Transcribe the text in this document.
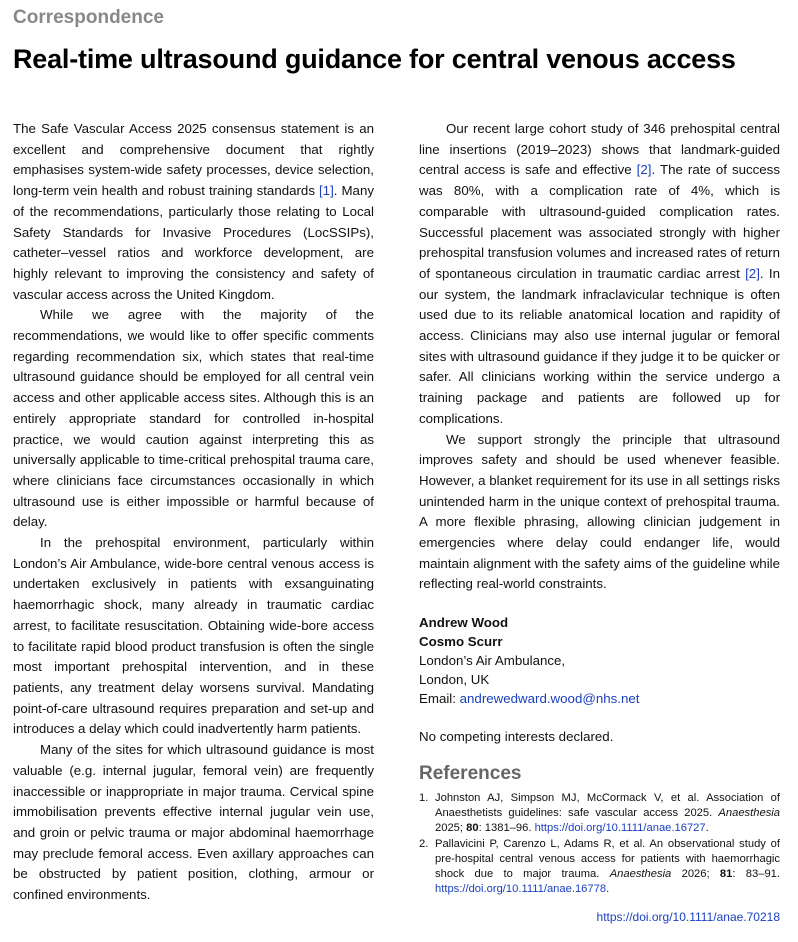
Correspondence
Real-time ultrasound guidance for central venous access

The Safe Vascular Access 2025 consensus statement is an excellent and comprehensive document that rightly emphasises system-wide safety processes, device selection, long-term vein health and robust training standards [1]. Many of the recommendations, particularly those relating to Local Safety Standards for Invasive Procedures (LocSSIPs), catheter–vessel ratios and workforce development, are highly relevant to improving the consistency and safety of vascular access across the United Kingdom.

While we agree with the majority of the recommendations, we would like to offer specific comments regarding recommendation six, which states that real-time ultrasound guidance should be employed for all central vein access and other applicable access sites. Although this is an entirely appropriate standard for controlled in-hospital practice, we would caution against interpreting this as universally applicable to time-critical prehospital trauma care, where clinicians face circumstances occasionally in which ultrasound use is either impossible or harmful because of delay.

In the prehospital environment, particularly within London’s Air Ambulance, wide-bore central venous access is undertaken exclusively in patients with exsanguinating haemorrhagic shock, many already in traumatic cardiac arrest, to facilitate resuscitation. Obtaining wide-bore access to facilitate rapid blood product transfusion is often the single most important prehospital intervention, and in these patients, any treatment delay worsens survival. Mandating point-of-care ultrasound requires preparation and set-up and introduces a delay which could inadvertently harm patients.

Many of the sites for which ultrasound guidance is most valuable (e.g. internal jugular, femoral vein) are frequently inaccessible or inappropriate in major trauma. Cervical spine immobilisation prevents effective internal jugular vein use, and groin or pelvic trauma or major abdominal haemorrhage may preclude femoral access. Even axillary approaches can be obstructed by patient position, clothing, armour or confined environments.

Our recent large cohort study of 346 prehospital central line insertions (2019–2023) shows that landmark-guided central access is safe and effective [2]. The rate of success was 80%, with a complication rate of 4%, which is comparable with ultrasound-guided complication rates. Successful placement was associated strongly with higher prehospital transfusion volumes and increased rates of return of spontaneous circulation in traumatic cardiac arrest [2]. In our system, the landmark infraclavicular technique is often used due to its reliable anatomical location and rapidity of access. Clinicians may also use internal jugular or femoral sites with ultrasound guidance if they judge it to be quicker or safer. All clinicians working within the service undergo a training package and patients are followed up for complications.

We support strongly the principle that ultrasound improves safety and should be used whenever feasible. However, a blanket requirement for its use in all settings risks unintended harm in the unique context of prehospital trauma. A more flexible phrasing, allowing clinician judgement in emergencies where delay could endanger life, would maintain alignment with the safety aims of the guideline while reflecting real-world constraints.

Andrew Wood
Cosmo Scurr
London’s Air Ambulance,
London, UK
Email: andrewedward.wood@nhs.net
No competing interests declared.
References
1. Johnston AJ, Simpson MJ, McCormack V, et al. Association of Anaesthetists guidelines: safe vascular access 2025. Anaesthesia 2025; 80: 1381–96. https://doi.org/10.1111/anae.16727.
2. Pallavicini P, Carenzo L, Adams R, et al. An observational study of pre-hospital central venous access for patients with haemorrhagic shock due to major trauma. Anaesthesia 2026; 81: 83–91. https://doi.org/10.1111/anae.16778.
https://doi.org/10.1111/anae.70218
